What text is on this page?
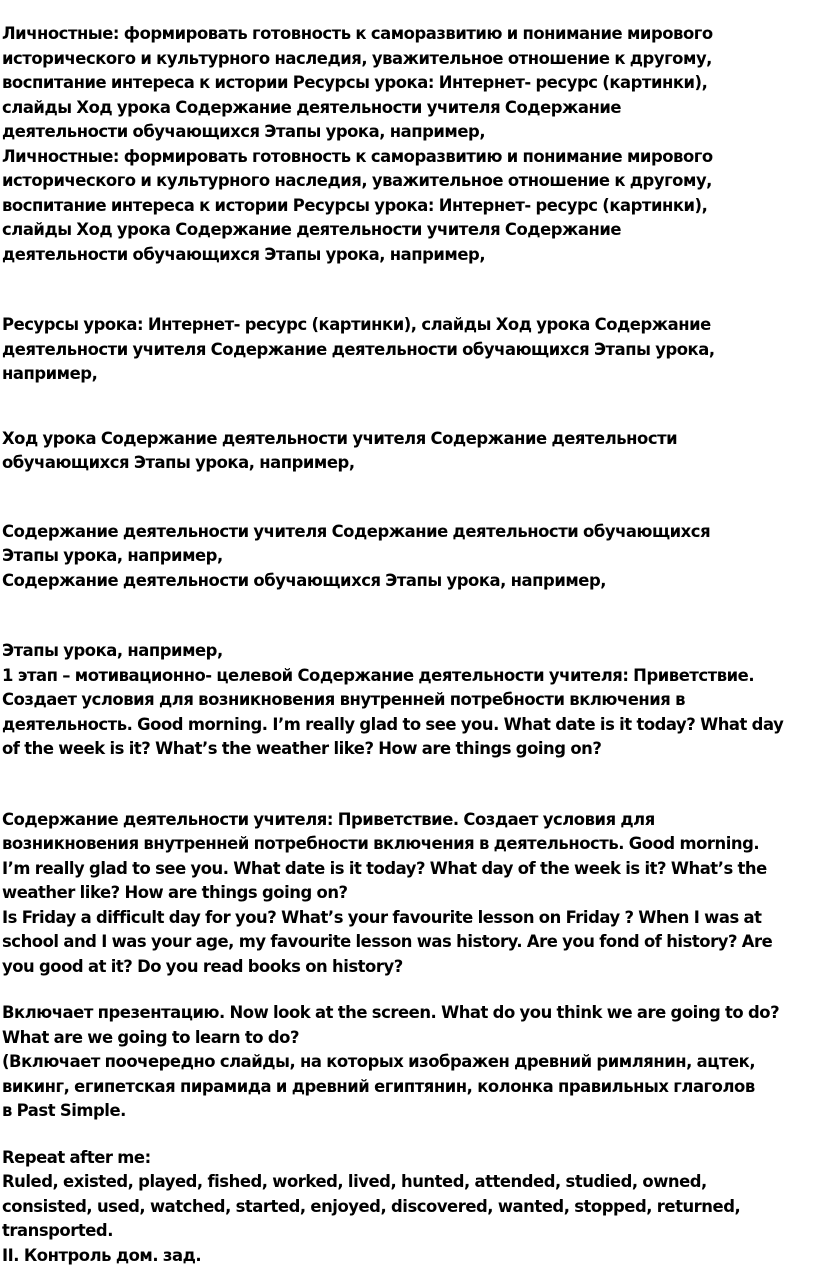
Личностные: формировать готовность к саморазвитию и понимание мирового
исторического и культурного наследия, уважительное отношение к другому,
воспитание интереса к истории Ресурсы урока: Интернет- ресурс (картинки),
слайды Ход урока Содержание деятельности учителя Содержание
деятельности обучающихся Этапы урока, например,
Личностные: формировать готовность к саморазвитию и понимание мирового
исторического и культурного наследия, уважительное отношение к другому,
воспитание интереса к истории Ресурсы урока: Интернет- ресурс (картинки),
слайды Ход урока Содержание деятельности учителя Содержание
деятельности обучающихся Этапы урока, например,
Ресурсы урока: Интернет- ресурс (картинки), слайды Ход урока Содержание
деятельности учителя Содержание деятельности обучающихся Этапы урока,
например,
Ход урока Содержание деятельности учителя Содержание деятельности
обучающихся Этапы урока, например,
Содержание деятельности учителя Содержание деятельности обучающихся
Этапы урока, например,
Содержание деятельности обучающихся Этапы урока, например,
Этапы урока, например,
1 этап – мотивационно- целевой Содержание деятельности учителя: Приветствие.
Создает условия для возникновения внутренней потребности включения в
деятельность. Good morning. I’m really glad to see you. What date is it today? What day
of the week is it? What’s the weather like? How are things going on?
Содержание деятельности учителя: Приветствие. Создает условия для
возникновения внутренней потребности включения в деятельность. Good morning.
I’m really glad to see you. What date is it today? What day of the week is it? What’s the
weather like? How are things going on?
Is Friday a difficult day for you? What’s your favourite lesson on Friday ? When I was at
school and I was your age, my favourite lesson was history. Are you fond of history? Are
you good at it? Do you read books on history?
Включает презентацию. Now look at the screen. What do you think we are going to do?
What are we going to learn to do?
(Включает поочередно слайды, на которых изображен древний римлянин, ацтек,
викинг, египетская пирамида и древний египтянин, колонка правильных глаголов
в Past Simple.
Repeat after me:
Ruled, existed, played, fished, worked, lived, hunted, attended, studied, owned,
consisted, used, watched, started, enjoyed, discovered, wanted, stopped, returned,
transported.
II. Контроль дом. зад.
